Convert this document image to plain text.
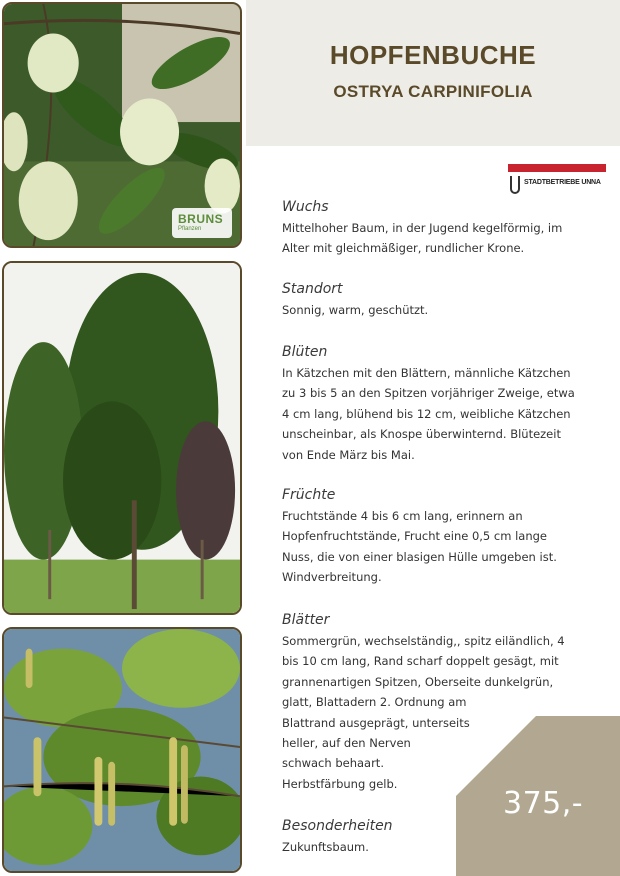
BRUNS
Pflanzen
HOPFENBUCHE
OSTRYA CARPINIFOLIA
STADTBETRIEBE UNNA
Wuchs
Mittelhoher Baum, in der Jugend kegelförmig, im
Alter mit gleichmäßiger, rundlicher Krone.
Standort
Sonnig, warm, geschützt.
Blüten
In Kätzchen mit den Blättern, männliche Kätzchen
zu 3 bis 5 an den Spitzen vorjähriger Zweige, etwa
4 cm lang, blühend bis 12 cm, weibliche Kätzchen
unscheinbar, als Knospe überwinternd. Blütezeit
von Ende März bis Mai.
Früchte
Fruchtstände 4 bis 6 cm lang, erinnern an
Hopfenfruchtstände, Frucht eine 0,5 cm lange
Nuss, die von einer blasigen Hülle umgeben ist.
Windverbreitung.
Blätter
Sommergrün, wechselständig,, spitz eiländlich, 4
bis 10 cm lang, Rand scharf doppelt gesägt, mit
grannenartigen Spitzen, Oberseite dunkelgrün,
glatt, Blattadern 2. Ordnung am
Blattrand ausgeprägt, unterseits
heller, auf den Nerven
schwach behaart.
Herbstfärbung gelb.
Besonderheiten
Zukunftsbaum.
375,-
